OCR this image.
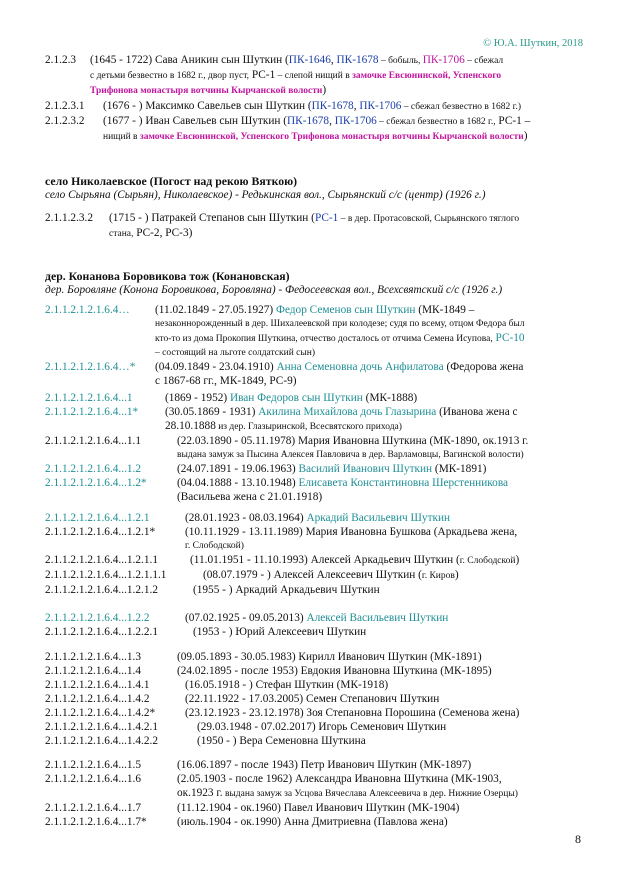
© Ю.А. Шуткин, 2018
2.1.2.3	(1645 - 1722) Сава Аникин сын Шуткин (ПК-1646, ПК-1678 – бобыль, ПК-1706 – сбежал
с детьми безвестно в 1682 г., двор пуст, РС-1 – слепой нищий в замочке Евсюнинской, Успенского
Трифонова монастыря вотчины Кырчанской волости)
2.1.2.3.1	(1676 - ) Максимко Савельев сын Шуткин (ПК-1678, ПК-1706 – сбежал безвестно в 1682 г.)
2.1.2.3.2	(1677 - ) Иван Савельев сын Шуткин (ПК-1678, ПК-1706 – сбежал безвестно в 1682 г., РС-1 –
нищий в замочке Евсюнинской, Успенского Трифонова монастыря вотчины Кырчанской волости)
село Николаевское (Погост над рекою Вяткою)
село Сырьяна (Сырьян), Николаевское) - Редькинская вол., Сырьянский с/с (центр) (1926 г.)
2.1.1.2.3.2	(1715 - ) Патракей Степанов сын Шуткин (РС-1 – в дер. Протасовской, Сырьянского тяглого
стана, РС-2, РС-3)
дер. Конанова Боровикова тож (Конановская)
дер. Боровляне (Конона Боровикова, Боровляна) - Федосеевская вол., Всехсвятский с/с (1926 г.)
2.1.1.2.1.2.1.6.4…	(11.02.1849 - 27.05.1927) Федор Семенов сын Шуткин (МК-1849 –
незаконнорожденный в дер. Шихалеевской при колодезе; судя по всему, отцом Федора был
кто-то из дома Прокопия Шуткина, отчество досталось от отчима Семена Исупова, РС-10
– состоящий на льготе солдатский сын)
2.1.1.2.1.2.1.6.4…*	(04.09.1849 - 23.04.1910) Анна Семеновна дочь Анфилатова (Федорова жена
с 1867-68 гг., МК-1849, РС-9)
2.1.1.2.1.2.1.6.4...1	(1869 - 1952) Иван Федоров сын Шуткин (МК-1888)
2.1.1.2.1.2.1.6.4...1*	(30.05.1869 - 1931) Акилина Михайлова дочь Глазырина (Иванова жена с
28.10.1888 из дер. Глазыринской, Всесвятского прихода)
2.1.1.2.1.2.1.6.4...1.1	(22.03.1890 - 05.11.1978) Мария Ивановна Шуткина (МК-1890, ок.1913 г.
выдана замуж за Пысина Алексея Павловича в дер. Варламовцы, Вагинской волости)
2.1.1.2.1.2.1.6.4...1.2	(24.07.1891 - 19.06.1963) Василий Иванович Шуткин (МК-1891)
2.1.1.2.1.2.1.6.4...1.2*	(04.04.1888 - 13.10.1948) Елисавета Константиновна Шерстенникова
(Васильева жена с 21.01.1918)
2.1.1.2.1.2.1.6.4...1.2.1	(28.01.1923 - 08.03.1964) Аркадий Васильевич Шуткин
2.1.1.2.1.2.1.6.4...1.2.1*	(10.11.1929 - 13.11.1989) Мария Ивановна Бушкова (Аркадьева жена,
г. Слободской)
2.1.1.2.1.2.1.6.4...1.2.1.1	(11.01.1951 - 11.10.1993) Алексей Аркадьевич Шуткин (г. Слободской)
2.1.1.2.1.2.1.6.4...1.2.1.1.1	(08.07.1979 - ) Алексей Алексеевич Шуткин (г. Киров)
2.1.1.2.1.2.1.6.4...1.2.1.2	(1955 - ) Аркадий Аркадьевич Шуткин
2.1.1.2.1.2.1.6.4...1.2.2	(07.02.1925 - 09.05.2013) Алексей Васильевич Шуткин
2.1.1.2.1.2.1.6.4...1.2.2.1	(1953 - ) Юрий Алексеевич Шуткин
2.1.1.2.1.2.1.6.4...1.3	(09.05.1893 - 30.05.1983) Кирилл Иванович Шуткин (МК-1891)
2.1.1.2.1.2.1.6.4...1.4	(24.02.1895 - после 1953) Евдокия Ивановна Шуткина (МК-1895)
2.1.1.2.1.2.1.6.4...1.4.1	(16.05.1918 - ) Стефан Шуткин (МК-1918)
2.1.1.2.1.2.1.6.4...1.4.2	(22.11.1922 - 17.03.2005) Семен Степанович Шуткин
2.1.1.2.1.2.1.6.4...1.4.2*	(23.12.1923 - 23.12.1978) Зоя Степановна Порошина (Семенова жена)
2.1.1.2.1.2.1.6.4...1.4.2.1	(29.03.1948 - 07.02.2017) Игорь Семенович Шуткин
2.1.1.2.1.2.1.6.4...1.4.2.2	(1950 - ) Вера Семеновна Шуткина
2.1.1.2.1.2.1.6.4...1.5	(16.06.1897 - после 1943) Петр Иванович Шуткин (МК-1897)
2.1.1.2.1.2.1.6.4...1.6	(2.05.1903 - после 1962) Александра Ивановна Шуткина (МК-1903,
ок.1923 г. выдана замуж за Усцова Вячеслава Алексеевича в дер. Нижние Озерцы)
2.1.1.2.1.2.1.6.4...1.7	(11.12.1904 - ок.1960) Павел Иванович Шуткин (МК-1904)
2.1.1.2.1.2.1.6.4...1.7*	(июль.1904 - ок.1990) Анна Дмитриевна (Павлова жена)
8
